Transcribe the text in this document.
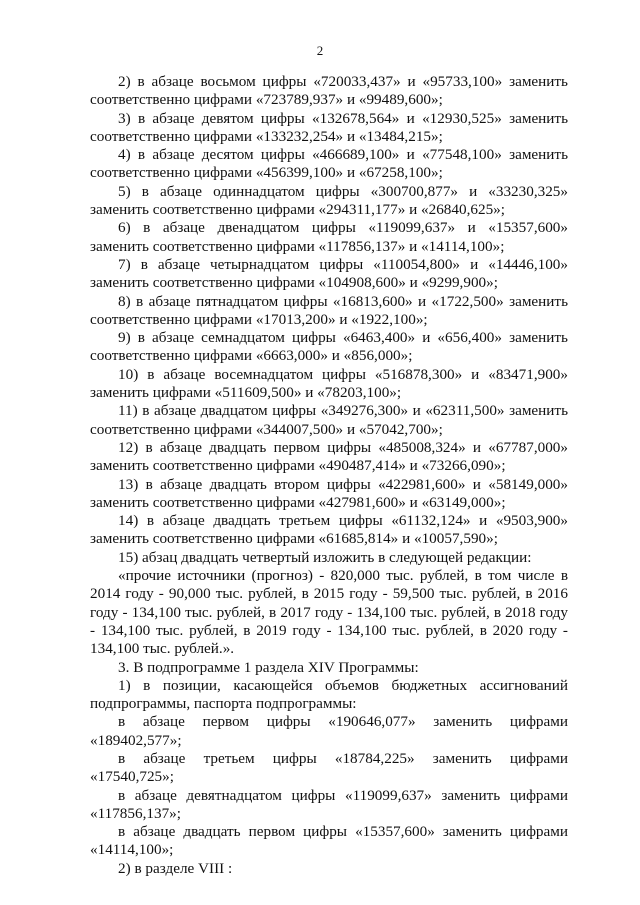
2

2) в абзаце восьмом цифры «720033,437» и «95733,100» заменить соответственно цифрами «723789,937» и «99489,600»;

3) в абзаце девятом цифры «132678,564» и «12930,525» заменить соответственно цифрами «133232,254» и «13484,215»;

4) в абзаце десятом цифры «466689,100» и «77548,100» заменить соответственно цифрами «456399,100» и «67258,100»;

5) в абзаце одиннадцатом цифры «300700,877» и «33230,325» заменить соответственно цифрами «294311,177» и «26840,625»;

6) в абзаце двенадцатом цифры «119099,637» и «15357,600» заменить соответственно цифрами «117856,137» и «14114,100»;

7) в абзаце четырнадцатом цифры «110054,800» и «14446,100» заменить соответственно цифрами «104908,600» и «9299,900»;

8) в абзаце пятнадцатом цифры «16813,600» и «1722,500» заменить соответственно цифрами «17013,200» и «1922,100»;

9) в абзаце семнадцатом цифры «6463,400» и «656,400» заменить соответственно цифрами «6663,000» и «856,000»;

10) в абзаце восемнадцатом цифры «516878,300» и «83471,900» заменить цифрами «511609,500» и «78203,100»;

11) в абзаце двадцатом цифры «349276,300» и «62311,500» заменить соответственно цифрами «344007,500» и «57042,700»;

12) в абзаце двадцать первом цифры «485008,324» и «67787,000» заменить соответственно цифрами «490487,414» и «73266,090»;

13) в абзаце двадцать втором цифры «422981,600» и «58149,000» заменить соответственно цифрами «427981,600» и «63149,000»;

14) в абзаце двадцать третьем цифры «61132,124» и «9503,900» заменить соответственно цифрами «61685,814» и «10057,590»;

15) абзац двадцать четвертый изложить в следующей редакции:

«прочие источники (прогноз) - 820,000 тыс. рублей, в том числе в 2014 году - 90,000 тыс. рублей, в 2015 году - 59,500 тыс. рублей, в 2016 году - 134,100 тыс. рублей, в 2017 году - 134,100 тыс. рублей, в 2018 году - 134,100 тыс. рублей, в 2019 году - 134,100 тыс. рублей, в 2020 году - 134,100 тыс. рублей.».

3. В подпрограмме 1 раздела XIV Программы:

1) в позиции, касающейся объемов бюджетных ассигнований подпрограммы, паспорта подпрограммы:

в абзаце первом цифры «190646,077» заменить цифрами «189402,577»;

в абзаце третьем цифры «18784,225» заменить цифрами «17540,725»;

в абзаце девятнадцатом цифры «119099,637» заменить цифрами «117856,137»;

в абзаце двадцать первом цифры «15357,600» заменить цифрами «14114,100»;

2) в разделе VIII :
